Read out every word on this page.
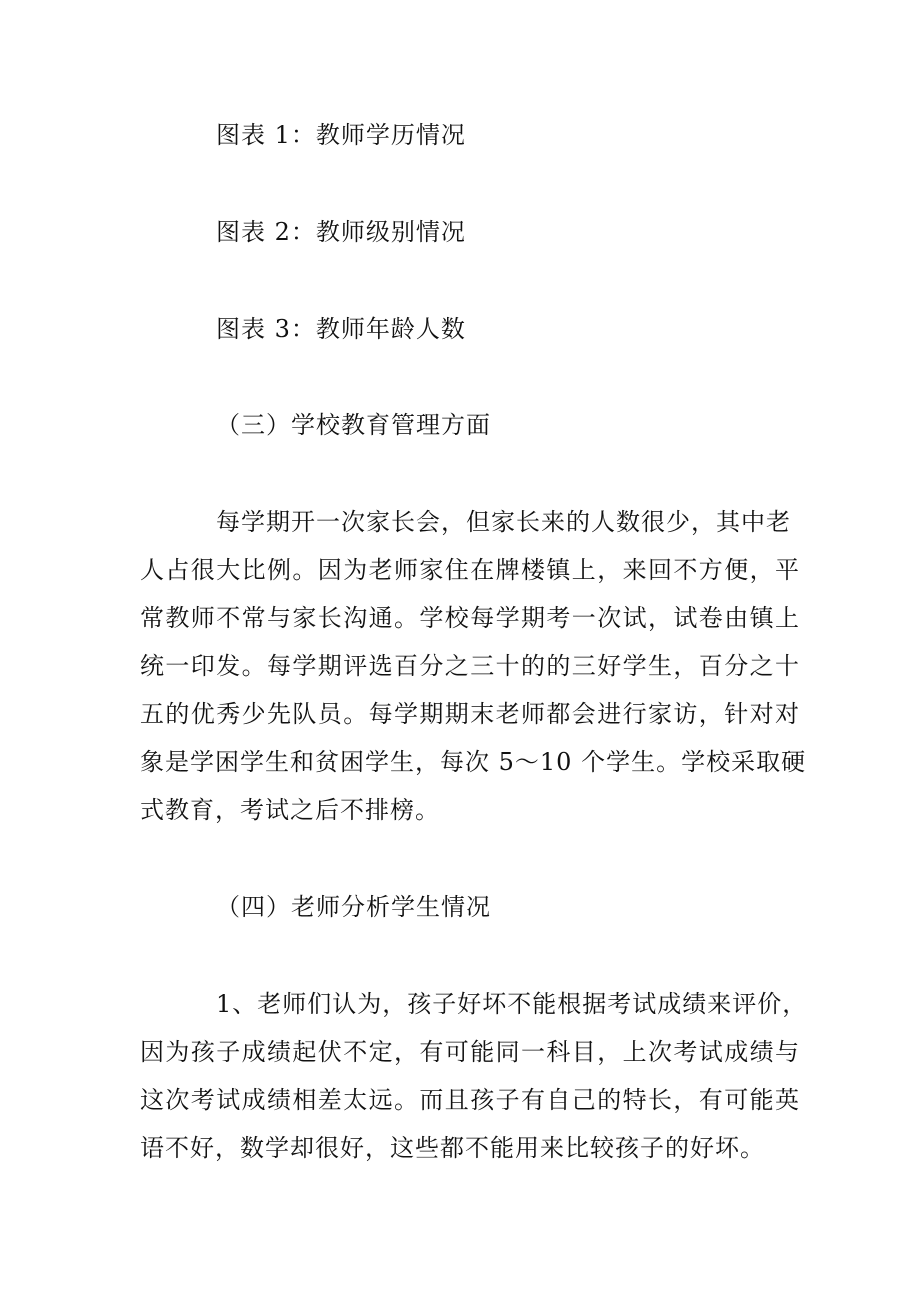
图表 1：教师学历情况
图表 2：教师级别情况
图表 3：教师年龄人数
（三）学校教育管理方面
每学期开一次家长会，但家长来的人数很少，其中老
人占很大比例。因为老师家住在牌楼镇上，来回不方便，平
常教师不常与家长沟通。学校每学期考一次试，试卷由镇上
统一印发。每学期评选百分之三十的的三好学生，百分之十
五的优秀少先队员。每学期期末老师都会进行家访，针对对
象是学困学生和贫困学生，每次 5～10 个学生。学校采取硬
式教育，考试之后不排榜。
（四）老师分析学生情况
1、老师们认为，孩子好坏不能根据考试成绩来评价，
因为孩子成绩起伏不定，有可能同一科目，上次考试成绩与
这次考试成绩相差太远。而且孩子有自己的特长，有可能英
语不好，数学却很好，这些都不能用来比较孩子的好坏。
